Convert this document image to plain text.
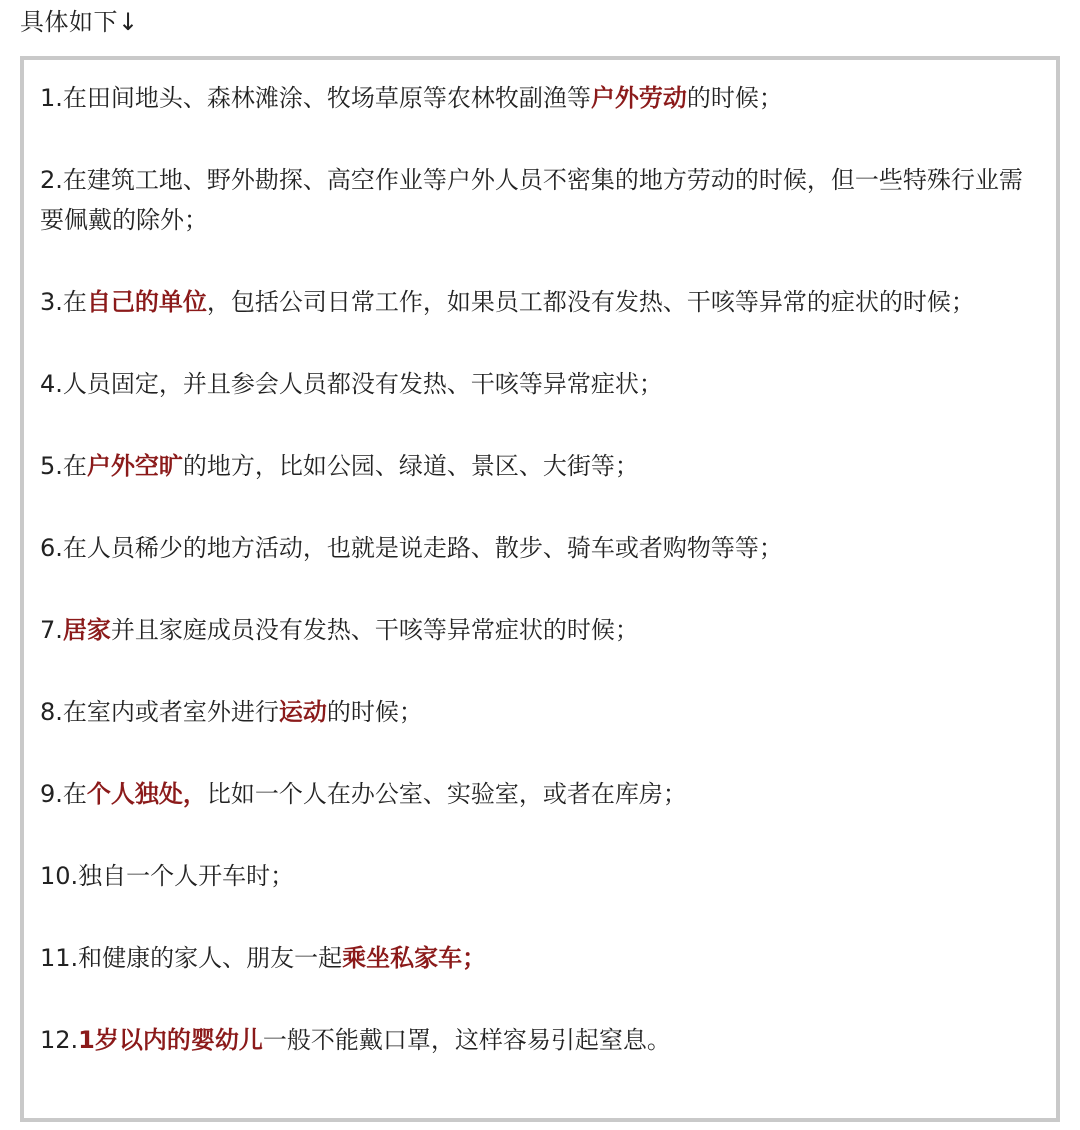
具体如下↓

1.在田间地头、森林滩涂、牧场草原等农林牧副渔等户外劳动的时候；

2.在建筑工地、野外勘探、高空作业等户外人员不密集的地方劳动的时候，但一些特殊行业需要佩戴的除外；

3.在自己的单位，包括公司日常工作，如果员工都没有发热、干咳等异常的症状的时候；

4.人员固定，并且参会人员都没有发热、干咳等异常症状；

5.在户外空旷的地方，比如公园、绿道、景区、大街等；

6.在人员稀少的地方活动，也就是说走路、散步、骑车或者购物等等；

7.居家并且家庭成员没有发热、干咳等异常症状的时候；

8.在室内或者室外进行运动的时候；

9.在个人独处，比如一个人在办公室、实验室，或者在库房；

10.独自一个人开车时；

11.和健康的家人、朋友一起乘坐私家车；

12.1岁以内的婴幼儿一般不能戴口罩，这样容易引起窒息。
